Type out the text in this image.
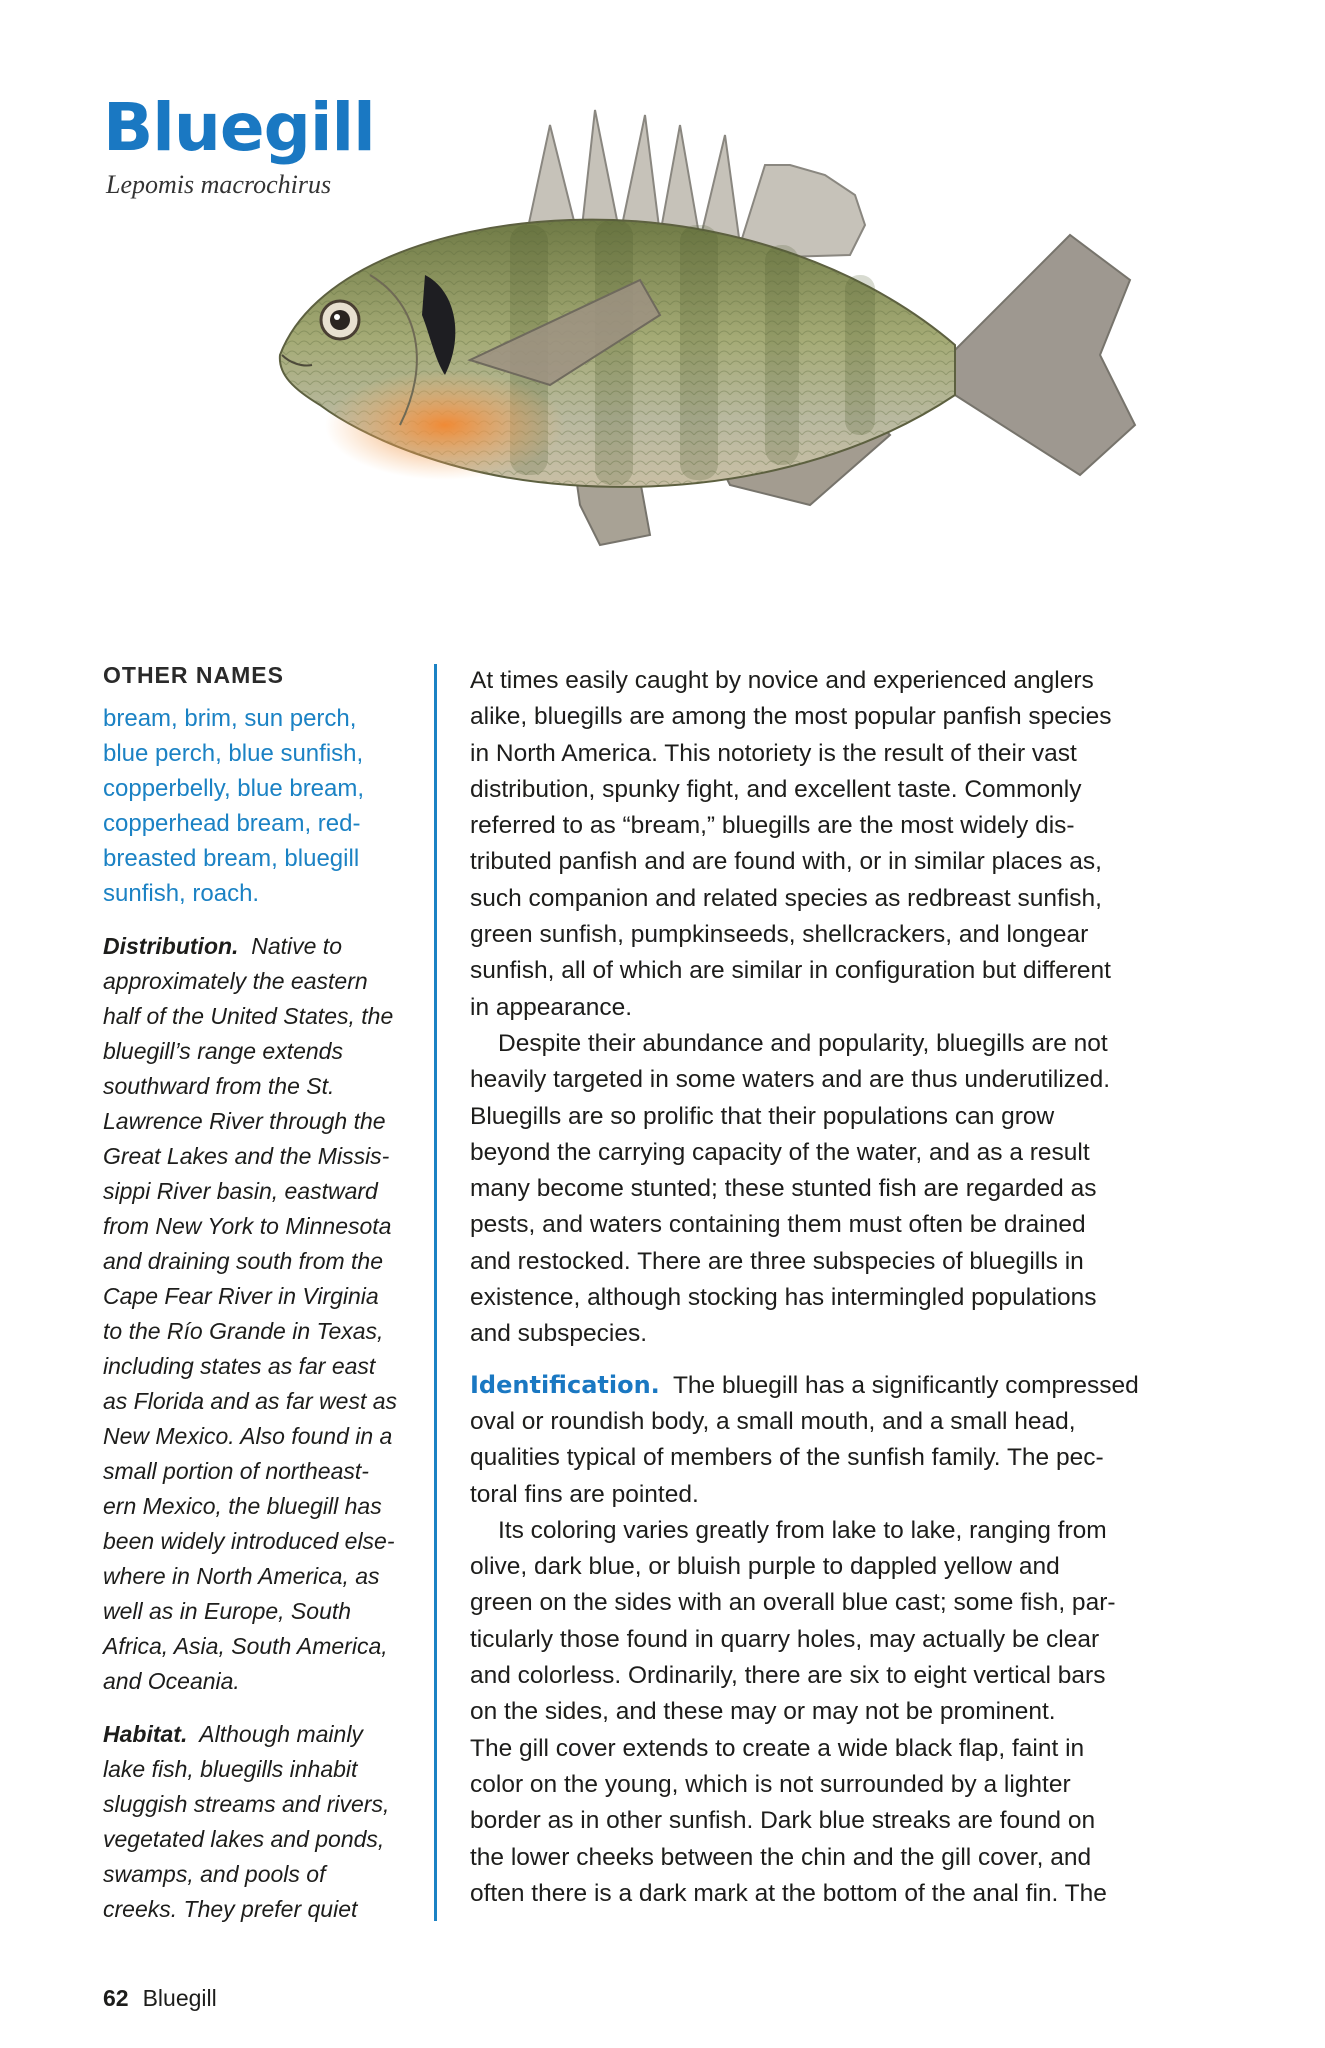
Bluegill
Lepomis macrochirus
OTHER NAMES
bream, brim, sun perch,
blue perch, blue sunfish,
copperbelly, blue bream,
copperhead bream, red-
breasted bream, bluegill
sunfish, roach.
Distribution. Native to
approximately the eastern
half of the United States, the
bluegill’s range extends
southward from the St.
Lawrence River through the
Great Lakes and the Missis-
sippi River basin, eastward
from New York to Minnesota
and draining south from the
Cape Fear River in Virginia
to the Río Grande in Texas,
including states as far east
as Florida and as far west as
New Mexico. Also found in a
small portion of northeast-
ern Mexico, the bluegill has
been widely introduced else-
where in North America, as
well as in Europe, South
Africa, Asia, South America,
and Oceania.
Habitat. Although mainly
lake fish, bluegills inhabit
sluggish streams and rivers,
vegetated lakes and ponds,
swamps, and pools of
creeks. They prefer quiet
At times easily caught by novice and experienced anglers
alike, bluegills are among the most popular panfish species
in North America. This notoriety is the result of their vast
distribution, spunky fight, and excellent taste. Commonly
referred to as “bream,” bluegills are the most widely dis-
tributed panfish and are found with, or in similar places as,
such companion and related species as redbreast sunfish,
green sunfish, pumpkinseeds, shellcrackers, and longear
sunfish, all of which are similar in configuration but different
in appearance.
Despite their abundance and popularity, bluegills are not
heavily targeted in some waters and are thus underutilized.
Bluegills are so prolific that their populations can grow
beyond the carrying capacity of the water, and as a result
many become stunted; these stunted fish are regarded as
pests, and waters containing them must often be drained
and restocked. There are three subspecies of bluegills in
existence, although stocking has intermingled populations
and subspecies.
Identification. The bluegill has a significantly compressed
oval or roundish body, a small mouth, and a small head,
qualities typical of members of the sunfish family. The pec-
toral fins are pointed.
Its coloring varies greatly from lake to lake, ranging from
olive, dark blue, or bluish purple to dappled yellow and
green on the sides with an overall blue cast; some fish, par-
ticularly those found in quarry holes, may actually be clear
and colorless. Ordinarily, there are six to eight vertical bars
on the sides, and these may or may not be prominent.
The gill cover extends to create a wide black flap, faint in
color on the young, which is not surrounded by a lighter
border as in other sunfish. Dark blue streaks are found on
the lower cheeks between the chin and the gill cover, and
often there is a dark mark at the bottom of the anal fin. The
62 Bluegill
